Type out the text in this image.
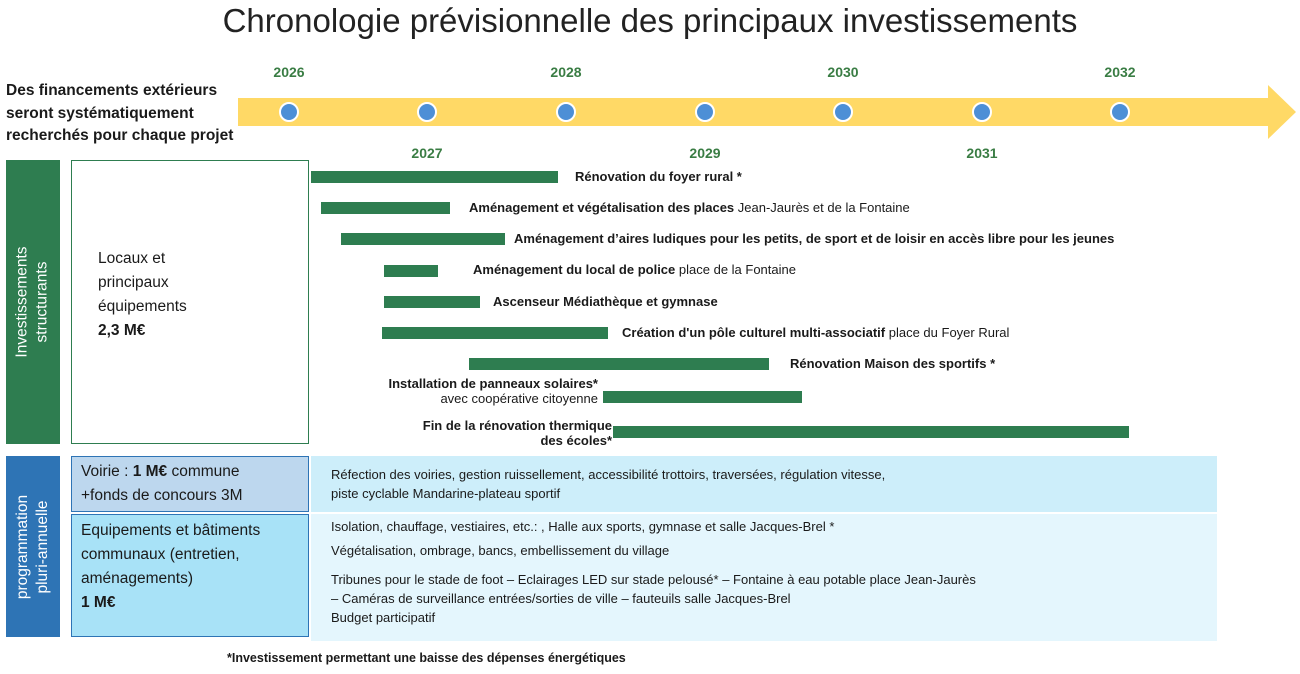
Chronologie prévisionnelle des principaux investissements
Des financements extérieurs
seront systématiquement
recherchés pour chaque projet
2026	2028	2030	2032
2027	2029	2031
Investissements structurants
Locaux et
principaux
équipements
2,3 M€
Rénovation du foyer rural *
Aménagement et végétalisation des places Jean-Jaurès et de la Fontaine
Aménagement d’aires ludiques pour les petits, de sport et de loisir en accès libre pour les jeunes
Aménagement du local de police place de la Fontaine
Ascenseur Médiathèque et gymnase
Création d'un pôle culturel multi-associatif place du Foyer Rural
Rénovation Maison des sportifs *
Installation de panneaux solaires*
avec coopérative citoyenne
Fin de la rénovation thermique
des écoles*
programmation pluri-annuelle
Voirie : 1 M€ commune
+fonds de concours 3M
Réfection des voiries, gestion ruissellement, accessibilité trottoirs, traversées, régulation vitesse,
piste cyclable Mandarine-plateau sportif
Equipements et bâtiments
communaux (entretien,
aménagements)
1 M€
Isolation, chauffage, vestiaires, etc.: , Halle aux sports, gymnase et salle Jacques-Brel *
Végétalisation, ombrage, bancs, embellissement du village
Tribunes pour le stade de foot – Eclairages LED sur stade pelousé* – Fontaine à eau potable place Jean-Jaurès
– Caméras de surveillance entrées/sorties de ville – fauteuils salle Jacques-Brel
Budget participatif
*Investissement permettant une baisse des dépenses énergétiques
